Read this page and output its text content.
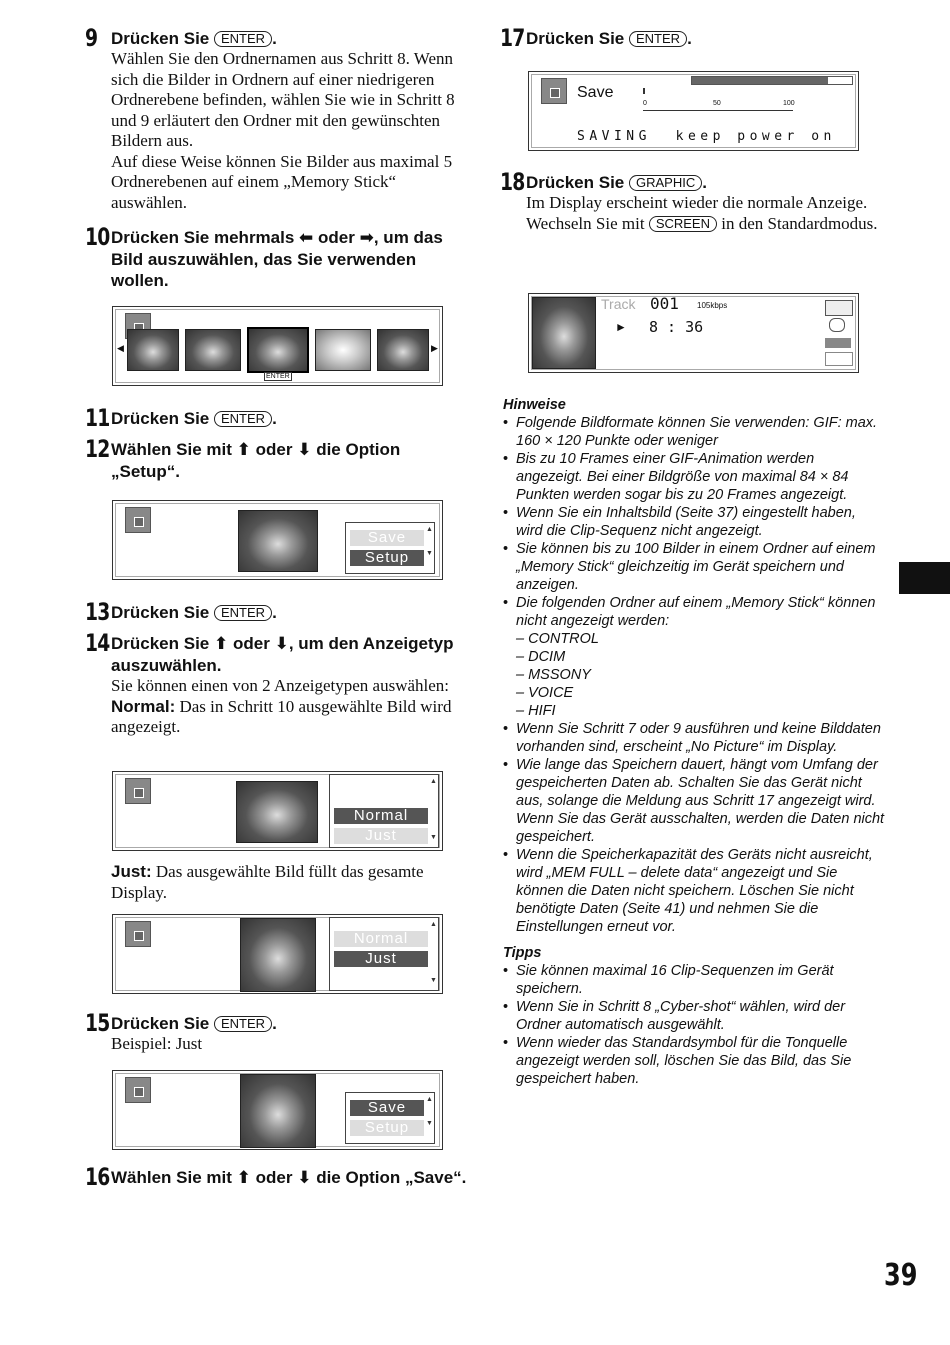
9 Drücken Sie ENTER .
Wählen Sie den Ordnernamen aus Schritt 8. Wenn sich die Bilder in Ordnern auf einer niedrigeren Ordnerebene befinden, wählen Sie wie in Schritt 8 und 9 erläutert den Ordner mit den gewünschten Bildern aus.
Auf diese Weise können Sie Bilder aus maximal 5 Ordnerebenen auf einem „Memory Stick“ auswählen.
10 Drücken Sie mehrmals ⬅ oder ➡, um das Bild auszuwählen, das Sie verwenden wollen.
◀	▶
ENTER
11 Drücken Sie ENTER .
12 Wählen Sie mit ⬆ oder ⬇ die Option „Setup“.
Save
Setup
▲

▼
13 Drücken Sie ENTER .
14 Drücken Sie ⬆ oder ⬇, um den Anzeigetyp auszuwählen.
Sie können einen von 2 Anzeigetypen auswählen:
Normal: Das in Schritt 10 ausgewählte Bild wird angezeigt.
Normal
Just
▲

▼
Just: Das ausgewählte Bild füllt das gesamte Display.
Normal
Just
▲

▼
15 Drücken Sie ENTER .
Beispiel: Just
Save
Setup
▲

▼
16 Wählen Sie mit ⬆ oder ⬇ die Option „Save“.
17 Drücken Sie ENTER .
Save
0	50	100
SAVING  keep power on
18 Drücken Sie GRAPHIC .
Im Display erscheint wieder die normale Anzeige.
Wechseln Sie mit SCREEN in den Standardmodus.
Track 001 105kbps
► 8 : 36
Hinweise
• Folgende Bildformate können Sie verwenden: GIF: max. 160 × 120 Punkte oder weniger
• Bis zu 10 Frames einer GIF-Animation werden angezeigt. Bei einer Bildgröße von maximal 84 × 84 Punkten werden sogar bis zu 20 Frames angezeigt.
• Wenn Sie ein Inhaltsbild (Seite 37) eingestellt haben, wird die Clip-Sequenz nicht angezeigt.
• Sie können bis zu 100 Bilder in einem Ordner auf einem „Memory Stick“ gleichzeitig im Gerät speichern und anzeigen.
• Die folgenden Ordner auf einem „Memory Stick“ können nicht angezeigt werden:
– CONTROL
– DCIM
– MSSONY
– VOICE
– HIFI
• Wenn Sie Schritt 7 oder 9 ausführen und keine Bilddaten vorhanden sind, erscheint „No Picture“ im Display.
• Wie lange das Speichern dauert, hängt vom Umfang der gespeicherten Daten ab. Schalten Sie das Gerät nicht aus, solange die Meldung aus Schritt 17 angezeigt wird. Wenn Sie das Gerät ausschalten, werden die Daten nicht gespeichert.
• Wenn die Speicherkapazität des Geräts nicht ausreicht, wird „MEM FULL – delete data“ angezeigt und Sie können die Daten nicht speichern. Löschen Sie nicht benötigte Daten (Seite 41) und nehmen Sie die Einstellungen erneut vor.
Tipps
• Sie können maximal 16 Clip-Sequenzen im Gerät speichern.
• Wenn Sie in Schritt 8 „Cyber-shot“ wählen, wird der Ordner automatisch ausgewählt.
• Wenn wieder das Standardsymbol für die Tonquelle angezeigt werden soll, löschen Sie das Bild, das Sie gespeichert haben.
39
